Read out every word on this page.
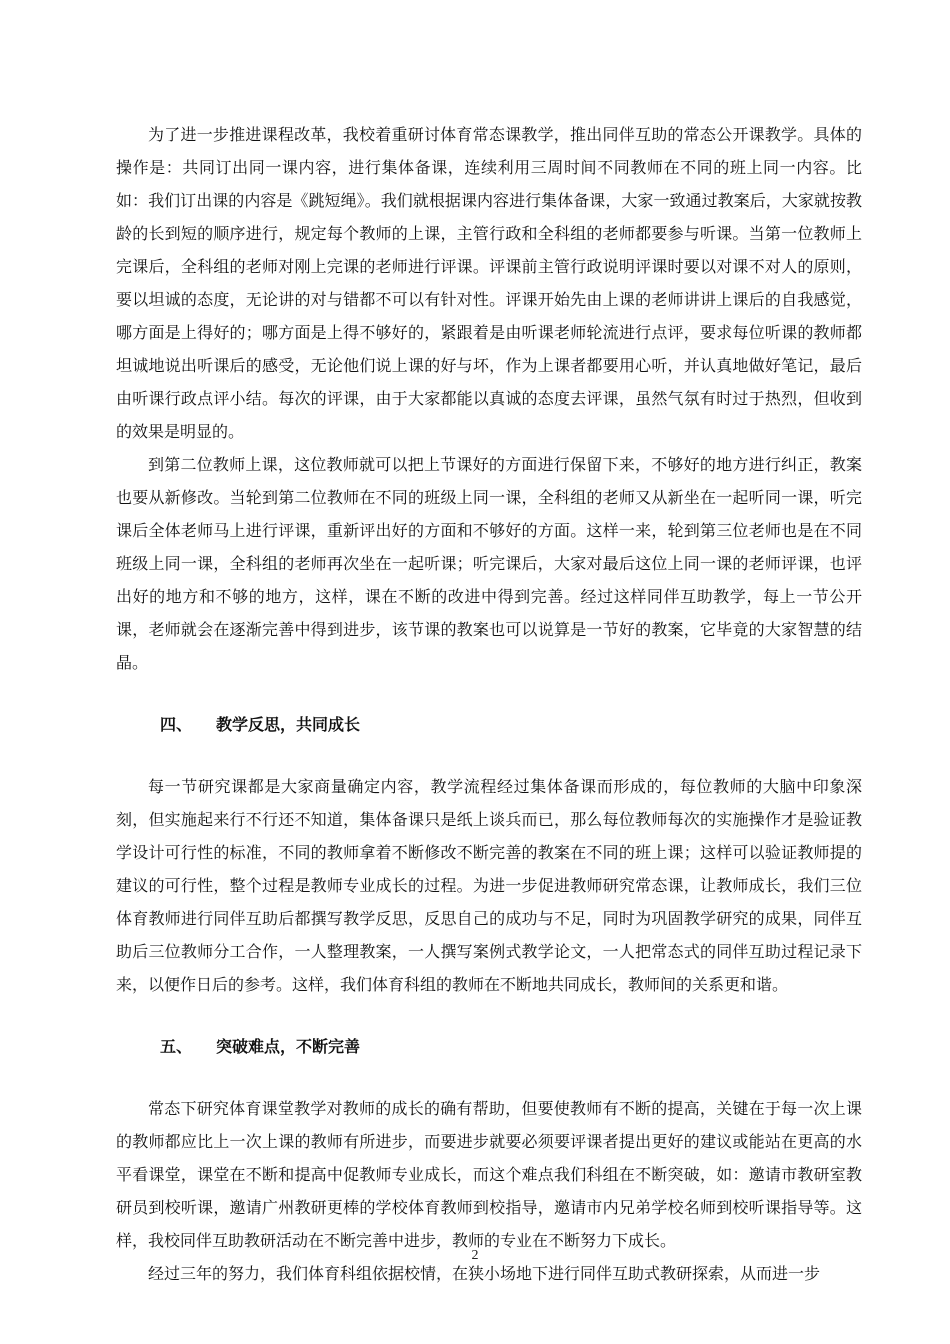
为了进一步推进课程改革，我校着重研讨体育常态课教学，推出同伴互助的常态公开课教学。具体的操作是：共同订出同一课内容，进行集体备课，连续利用三周时间不同教师在不同的班上同一内容。比如：我们订出课的内容是《跳短绳》。我们就根据课内容进行集体备课，大家一致通过教案后，大家就按教龄的长到短的顺序进行，规定每个教师的上课，主管行政和全科组的老师都要参与听课。当第一位教师上完课后，全科组的老师对刚上完课的老师进行评课。评课前主管行政说明评课时要以对课不对人的原则，要以坦诚的态度，无论讲的对与错都不可以有针对性。评课开始先由上课的老师讲讲上课后的自我感觉，哪方面是上得好的；哪方面是上得不够好的，紧跟着是由听课老师轮流进行点评，要求每位听课的教师都坦诚地说出听课后的感受，无论他们说上课的好与坏，作为上课者都要用心听，并认真地做好笔记，最后由听课行政点评小结。每次的评课，由于大家都能以真诚的态度去评课，虽然气氛有时过于热烈，但收到的效果是明显的。

到第二位教师上课，这位教师就可以把上节课好的方面进行保留下来，不够好的地方进行纠正，教案也要从新修改。当轮到第二位教师在不同的班级上同一课，全科组的老师又从新坐在一起听同一课，听完课后全体老师马上进行评课，重新评出好的方面和不够好的方面。这样一来，轮到第三位老师也是在不同班级上同一课，全科组的老师再次坐在一起听课；听完课后，大家对最后这位上同一课的老师评课，也评出好的地方和不够的地方，这样，课在不断的改进中得到完善。经过这样同伴互助教学，每上一节公开课，老师就会在逐渐完善中得到进步，该节课的教案也可以说算是一节好的教案，它毕竟的大家智慧的结晶。

四、 教学反思，共同成长

每一节研究课都是大家商量确定内容，教学流程经过集体备课而形成的，每位教师的大脑中印象深刻，但实施起来行不行还不知道，集体备课只是纸上谈兵而已，那么每位教师每次的实施操作才是验证教学设计可行性的标准，不同的教师拿着不断修改不断完善的教案在不同的班上课；这样可以验证教师提的建议的可行性，整个过程是教师专业成长的过程。为进一步促进教师研究常态课，让教师成长，我们三位体育教师进行同伴互助后都撰写教学反思，反思自己的成功与不足，同时为巩固教学研究的成果，同伴互助后三位教师分工合作，一人整理教案，一人撰写案例式教学论文，一人把常态式的同伴互助过程记录下来，以便作日后的参考。这样，我们体育科组的教师在不断地共同成长，教师间的关系更和谐。

五、 突破难点，不断完善

常态下研究体育课堂教学对教师的成长的确有帮助，但要使教师有不断的提高，关键在于每一次上课的教师都应比上一次上课的教师有所进步，而要进步就要必须要评课者提出更好的建议或能站在更高的水平看课堂，课堂在不断和提高中促教师专业成长，而这个难点我们科组在不断突破，如：邀请市教研室教研员到校听课，邀请广州教研更棒的学校体育教师到校指导，邀请市内兄弟学校名师到校听课指导等。这样，我校同伴互助教研活动在不断完善中进步，教师的专业在不断努力下成长。

经过三年的努力，我们体育科组依据校情，在狭小场地下进行同伴互助式教研探索，从而进一步

2
